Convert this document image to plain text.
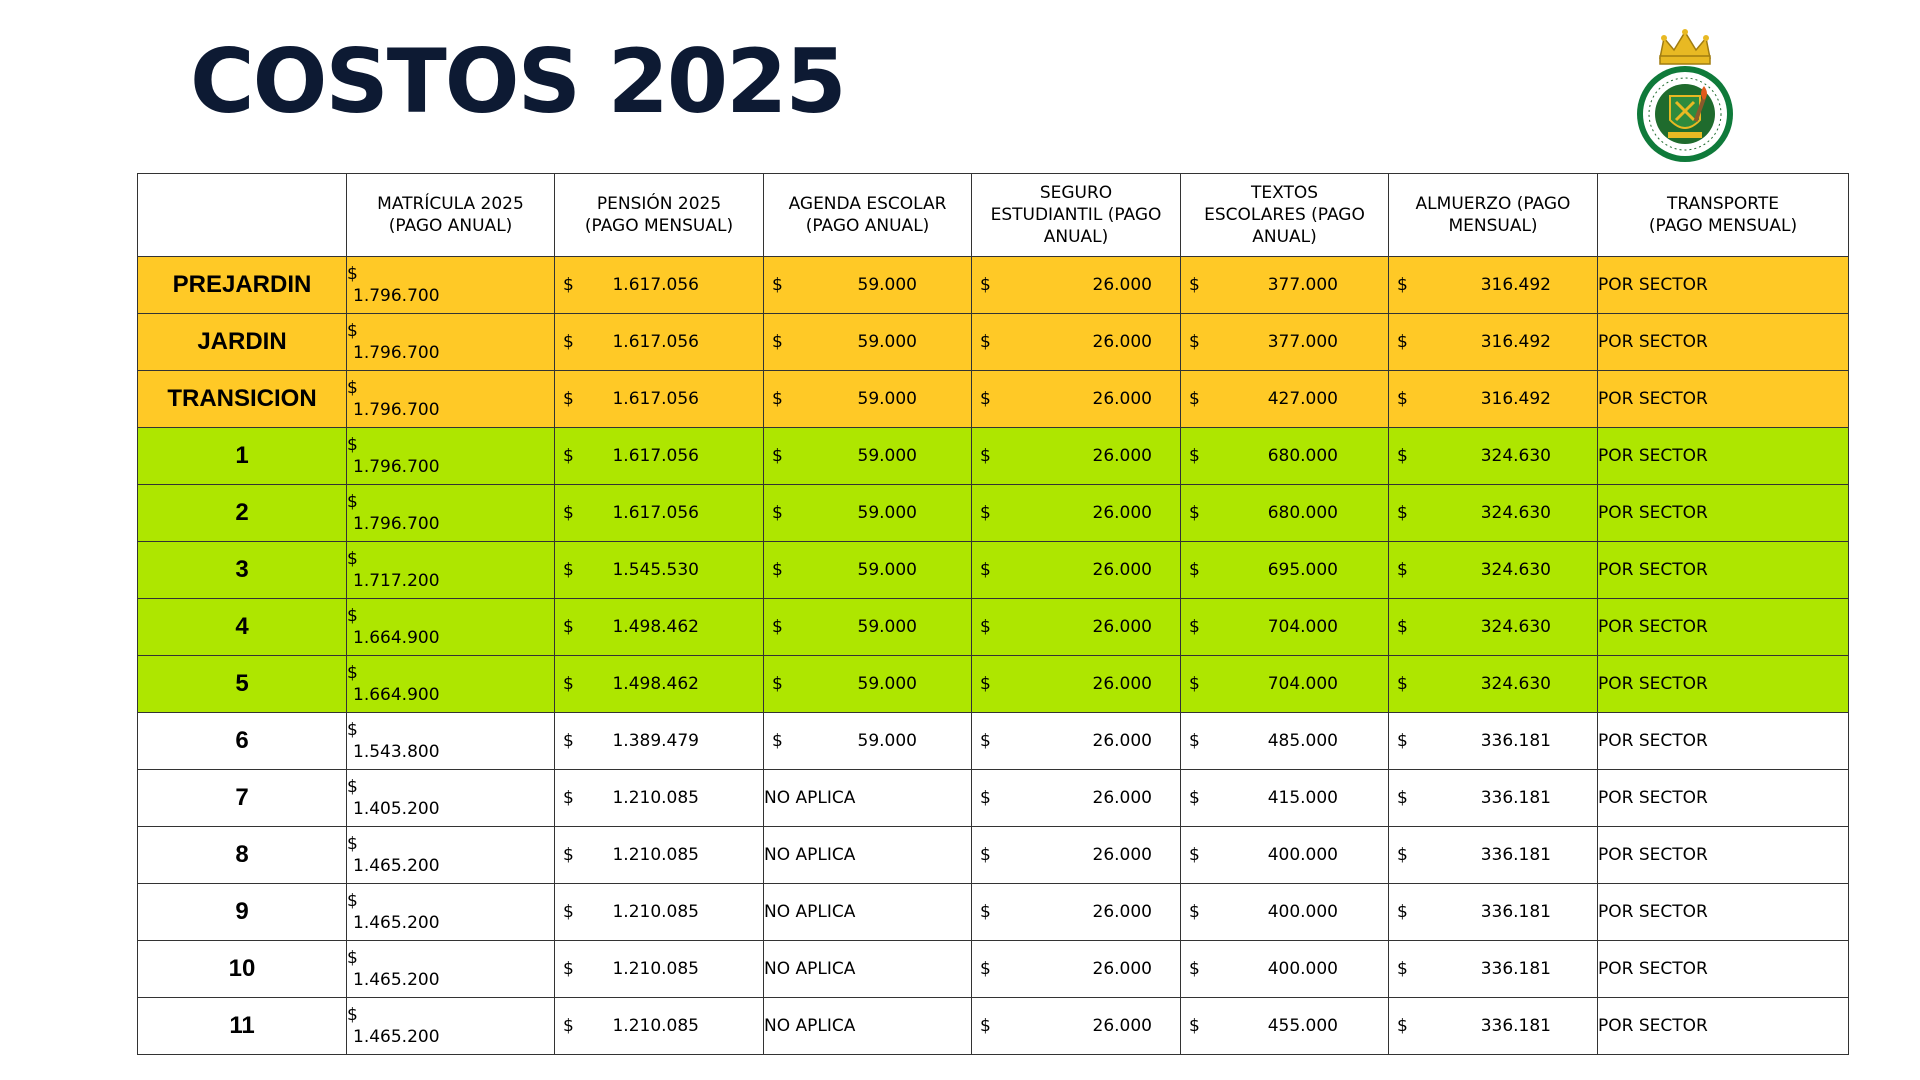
COSTOS 2025

	MATRÍCULA 2025
(PAGO ANUAL)	PENSIÓN 2025
(PAGO MENSUAL)	AGENDA ESCOLAR
(PAGO ANUAL)	SEGURO
ESTUDIANTIL (PAGO
ANUAL)	TEXTOS
ESCOLARES (PAGO
ANUAL)	ALMUERZO (PAGO
MENSUAL)	TRANSPORTE
(PAGO MENSUAL)

PREJARDIN	$
1.796.700	$ 1.617.056	$ 59.000	$ 26.000	$ 377.000	$ 316.492	POR SECTOR
JARDIN	$
1.796.700	$ 1.617.056	$ 59.000	$ 26.000	$ 377.000	$ 316.492	POR SECTOR
TRANSICION	$
1.796.700	$ 1.617.056	$ 59.000	$ 26.000	$ 427.000	$ 316.492	POR SECTOR
1	$
1.796.700	$ 1.617.056	$ 59.000	$ 26.000	$ 680.000	$ 324.630	POR SECTOR
2	$
1.796.700	$ 1.617.056	$ 59.000	$ 26.000	$ 680.000	$ 324.630	POR SECTOR
3	$
1.717.200	$ 1.545.530	$ 59.000	$ 26.000	$ 695.000	$ 324.630	POR SECTOR
4	$
1.664.900	$ 1.498.462	$ 59.000	$ 26.000	$ 704.000	$ 324.630	POR SECTOR
5	$
1.664.900	$ 1.498.462	$ 59.000	$ 26.000	$ 704.000	$ 324.630	POR SECTOR
6	$
1.543.800	$ 1.389.479	$ 59.000	$ 26.000	$ 485.000	$ 336.181	POR SECTOR
7	$
1.405.200	$ 1.210.085	NO APLICA	$ 26.000	$ 415.000	$ 336.181	POR SECTOR
8	$
1.465.200	$ 1.210.085	NO APLICA	$ 26.000	$ 400.000	$ 336.181	POR SECTOR
9	$
1.465.200	$ 1.210.085	NO APLICA	$ 26.000	$ 400.000	$ 336.181	POR SECTOR
10	$
1.465.200	$ 1.210.085	NO APLICA	$ 26.000	$ 400.000	$ 336.181	POR SECTOR
11	$
1.465.200	$ 1.210.085	NO APLICA	$ 26.000	$ 455.000	$ 336.181	POR SECTOR
